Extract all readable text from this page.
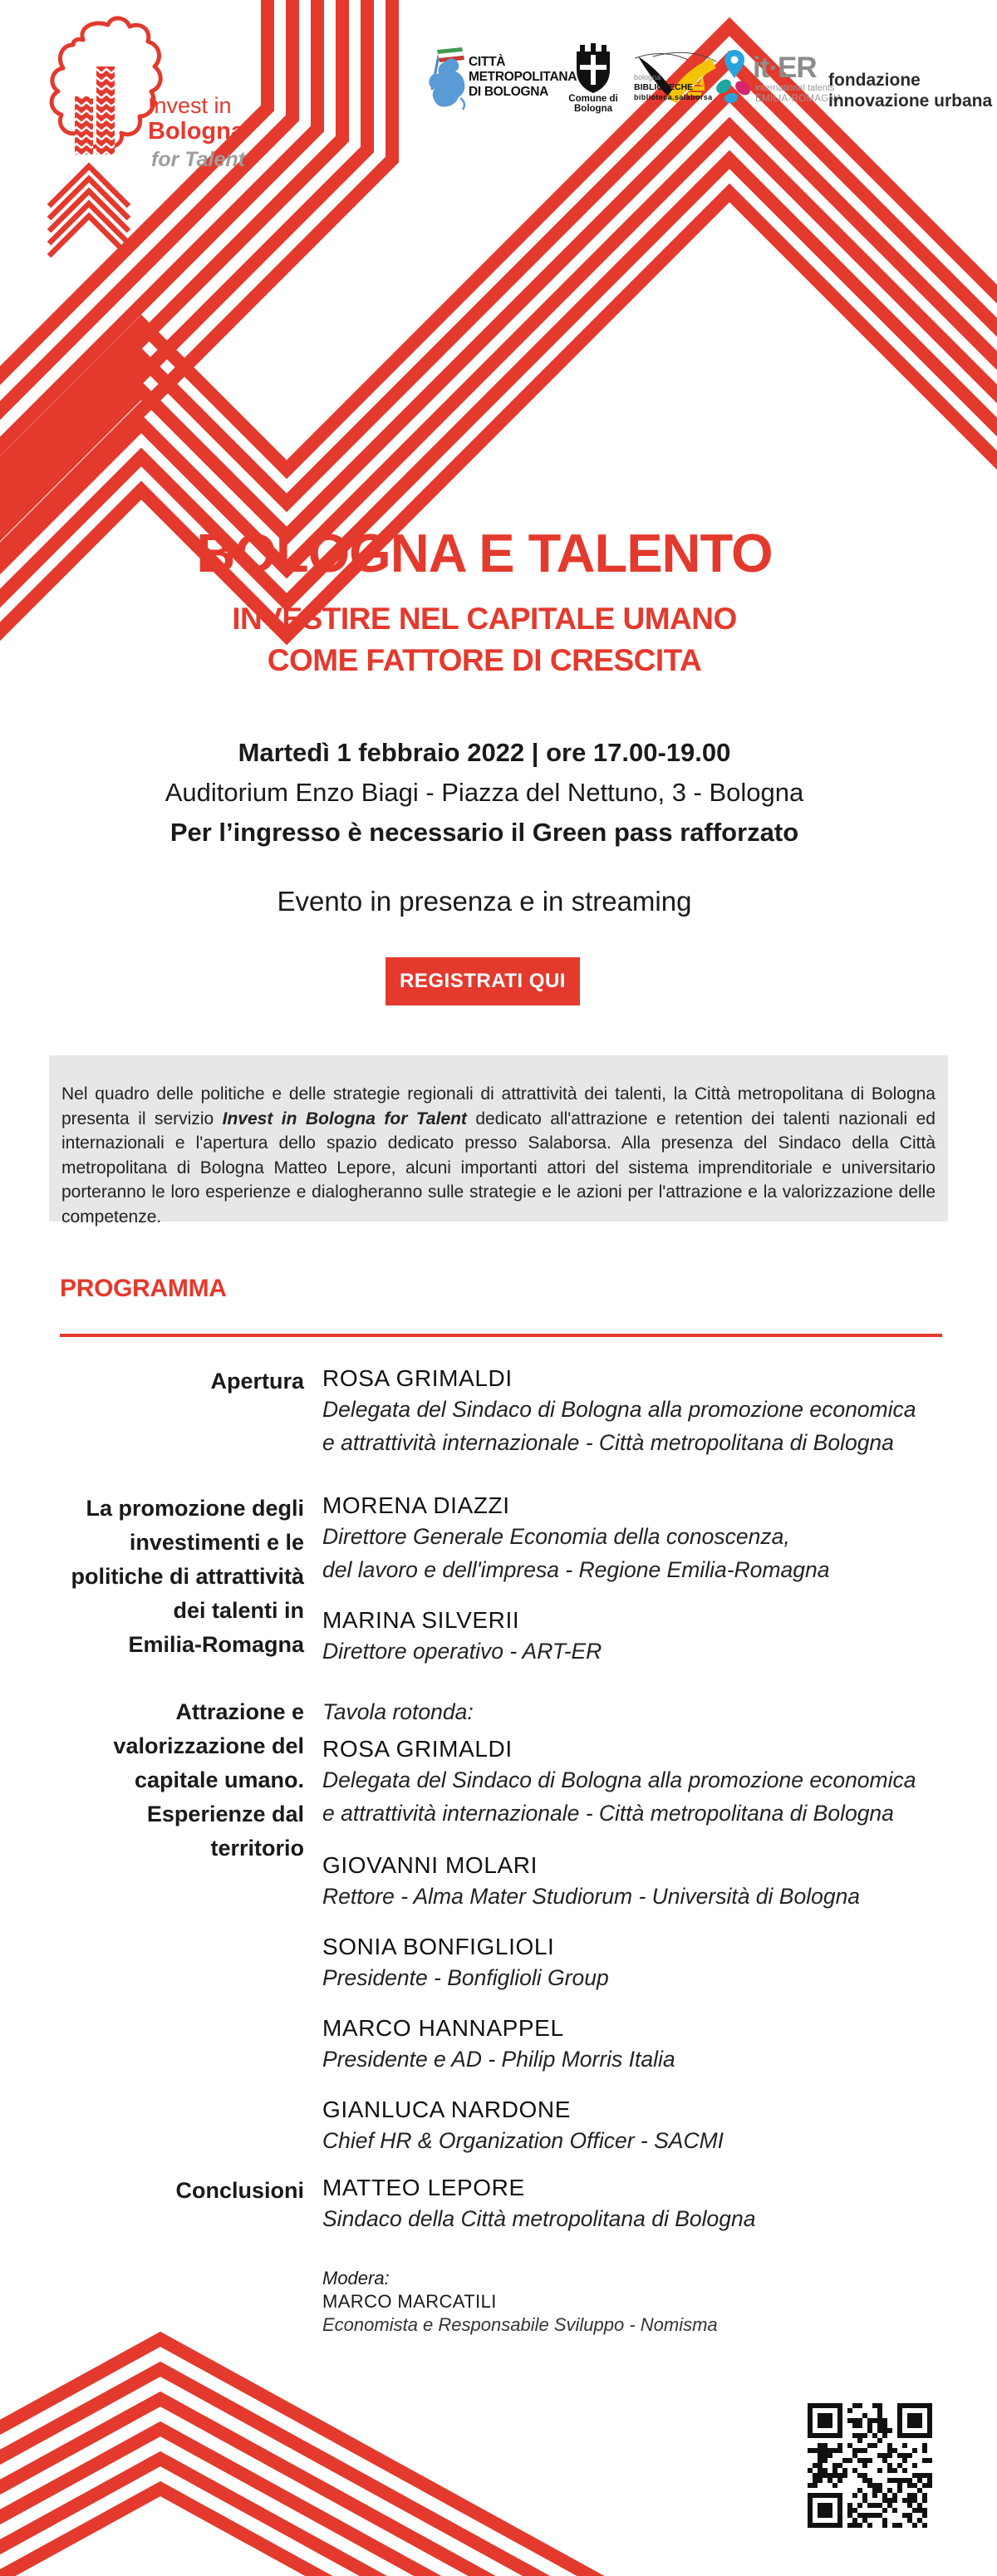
Invest in
Bologna
for Talent
CITTÀ
METROPOLITANA
DI BOLOGNA	Comune di Bologna
bologna
BIBLIOTECHE
biblioteca.salaborsa
it·ER
international talents
EMILIA-ROMAGNA
fondazione
innovazione urbana
BOLOGNA E TALENTO
INVESTIRE NEL CAPITALE UMANO
COME FATTORE DI CRESCITA
Martedì 1 febbraio 2022 | ore 17.00-19.00
Auditorium Enzo Biagi - Piazza del Nettuno, 3 - Bologna
Per l’ingresso è necessario il Green pass rafforzato
Evento in presenza e in streaming
REGISTRATI QUI

Nel quadro delle politiche e delle strategie regionali di attrattività dei talenti, la Città metropolitana di Bologna presenta il servizio Invest in Bologna for Talent dedicato all'attrazione e retention dei talenti nazionali ed internazionali e l'apertura dello spazio dedicato presso Salaborsa. Alla presenza del Sindaco della Città metropolitana di Bologna Matteo Lepore, alcuni importanti attori del sistema imprenditoriale e universitario porteranno le loro esperienze e dialogheranno sulle strategie e le azioni per l'attrazione e la valorizzazione delle competenze.

PROGRAMMA
Apertura ROSA GRIMALDI
Delegata del Sindaco di Bologna alla promozione economica
e attrattività internazionale - Città metropolitana di Bologna
La promozione degli
investimenti e le
politiche di attrattività
dei talenti in
Emilia-Romagna
MORENA DIAZZI
Direttore Generale Economia della conoscenza,
del lavoro e dell'impresa - Regione Emilia-Romagna
MARINA SILVERII
Direttore operativo - ART-ER
Attrazione e
valorizzazione del
capitale umano.
Esperienze dal
territorio
Tavola rotonda:
ROSA GRIMALDI
Delegata del Sindaco di Bologna alla promozione economica
e attrattività internazionale - Città metropolitana di Bologna
GIOVANNI MOLARI
Rettore - Alma Mater Studiorum - Università di Bologna
SONIA BONFIGLIOLI
Presidente - Bonfiglioli Group
MARCO HANNAPPEL
Presidente e AD - Philip Morris Italia
GIANLUCA NARDONE
Chief HR & Organization Officer - SACMI
Conclusioni MATTEO LEPORE
Sindaco della Città metropolitana di Bologna
Modera:
MARCO MARCATILI
Economista e Responsabile Sviluppo - Nomisma
